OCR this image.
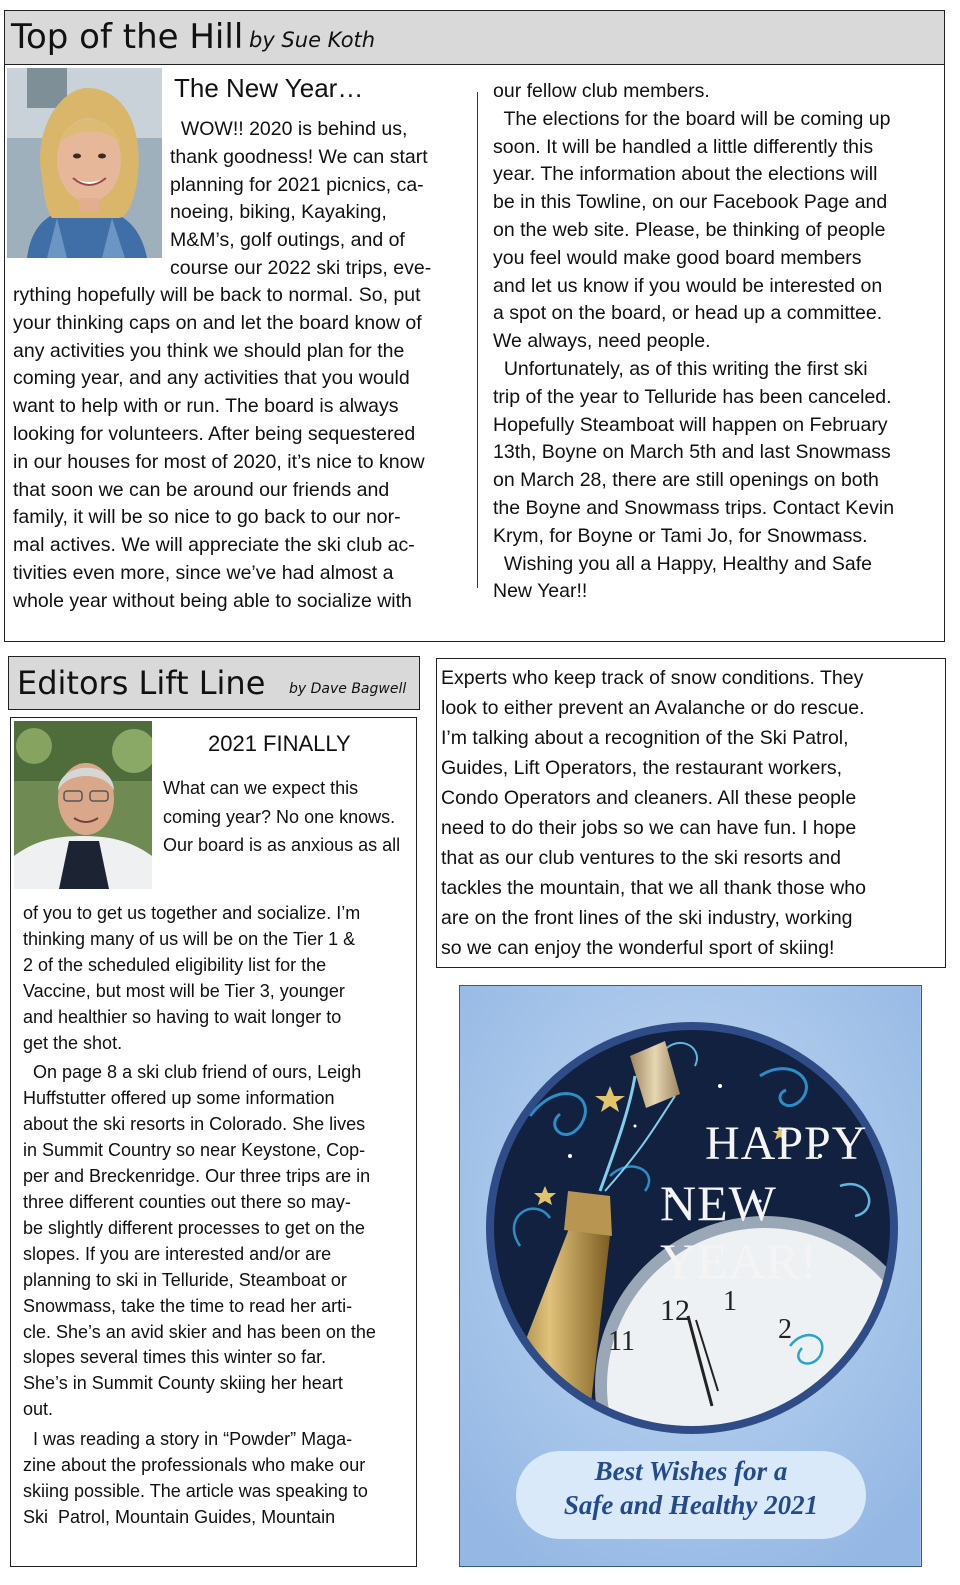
Top of the Hill by Sue Koth
The New Year…

WOW!! 2020 is behind us,

thank goodness! We can start

planning for 2021 picnics, ca-

noeing, biking, Kayaking,

M&M’s, golf outings, and of

course our 2022 ski trips, eve-

rything hopefully will be back to normal. So, put

your thinking caps on and let the board know of

any activities you think we should plan for the

coming year, and any activities that you would

want to help with or run. The board is always

looking for volunteers. After being sequestered

in our houses for most of 2020, it’s nice to know

that soon we can be around our friends and

family, it will be so nice to go back to our nor-

mal actives. We will appreciate the ski club ac-

tivities even more, since we’ve had almost a

whole year without being able to socialize with

our fellow club members.

The elections for the board will be coming up

soon. It will be handled a little differently this

year. The information about the elections will

be in this Towline, on our Facebook Page and

on the web site. Please, be thinking of people

you feel would make good board members

and let us know if you would be interested on

a spot on the board, or head up a committee.

We always, need people.

Unfortunately, as of this writing the first ski

trip of the year to Telluride has been canceled.

Hopefully Steamboat will happen on February

13th, Boyne on March 5th and last Snowmass

on March 28, there are still openings on both

the Boyne and Snowmass trips. Contact Kevin

Krym, for Boyne or Tami Jo, for Snowmass.

Wishing you all a Happy, Healthy and Safe

New Year!!

Editors Lift Line by Dave Bagwell
2021 FINALLY

What can we expect this

coming year? No one knows.

Our board is as anxious as all

of you to get us together and socialize. I’m

thinking many of us will be on the Tier 1 &

2 of the scheduled eligibility list for the

Vaccine, but most will be Tier 3, younger

and healthier so having to wait longer to

get the shot.

On page 8 a ski club friend of ours, Leigh

Huffstutter offered up some information

about the ski resorts in Colorado. She lives

in Summit Country so near Keystone, Cop-

per and Breckenridge. Our three trips are in

three different counties out there so may-

be slightly different processes to get on the

slopes. If you are interested and/or are

planning to ski in Telluride, Steamboat or

Snowmass, take the time to read her arti-

cle. She’s an avid skier and has been on the

slopes several times this winter so far.

She’s in Summit County skiing her heart

out.

I was reading a story in “Powder” Maga-

zine about the professionals who make our

skiing possible. The article was speaking to

Ski  Patrol, Mountain Guides, Mountain

Experts who keep track of snow conditions. They

look to either prevent an Avalanche or do rescue.

I’m talking about a recognition of the Ski Patrol,

Guides, Lift Operators, the restaurant workers,

Condo Operators and cleaners. All these people

need to do their jobs so we can have fun. I hope

that as our club ventures to the ski resorts and

tackles the mountain, that we all thank those who

are on the front lines of the ski industry, working

so we can enjoy the wonderful sport of skiing!

HAPPY
NEW YEAR!
12 1
2
11
Best Wishes for a
Safe and Healthy 2021
